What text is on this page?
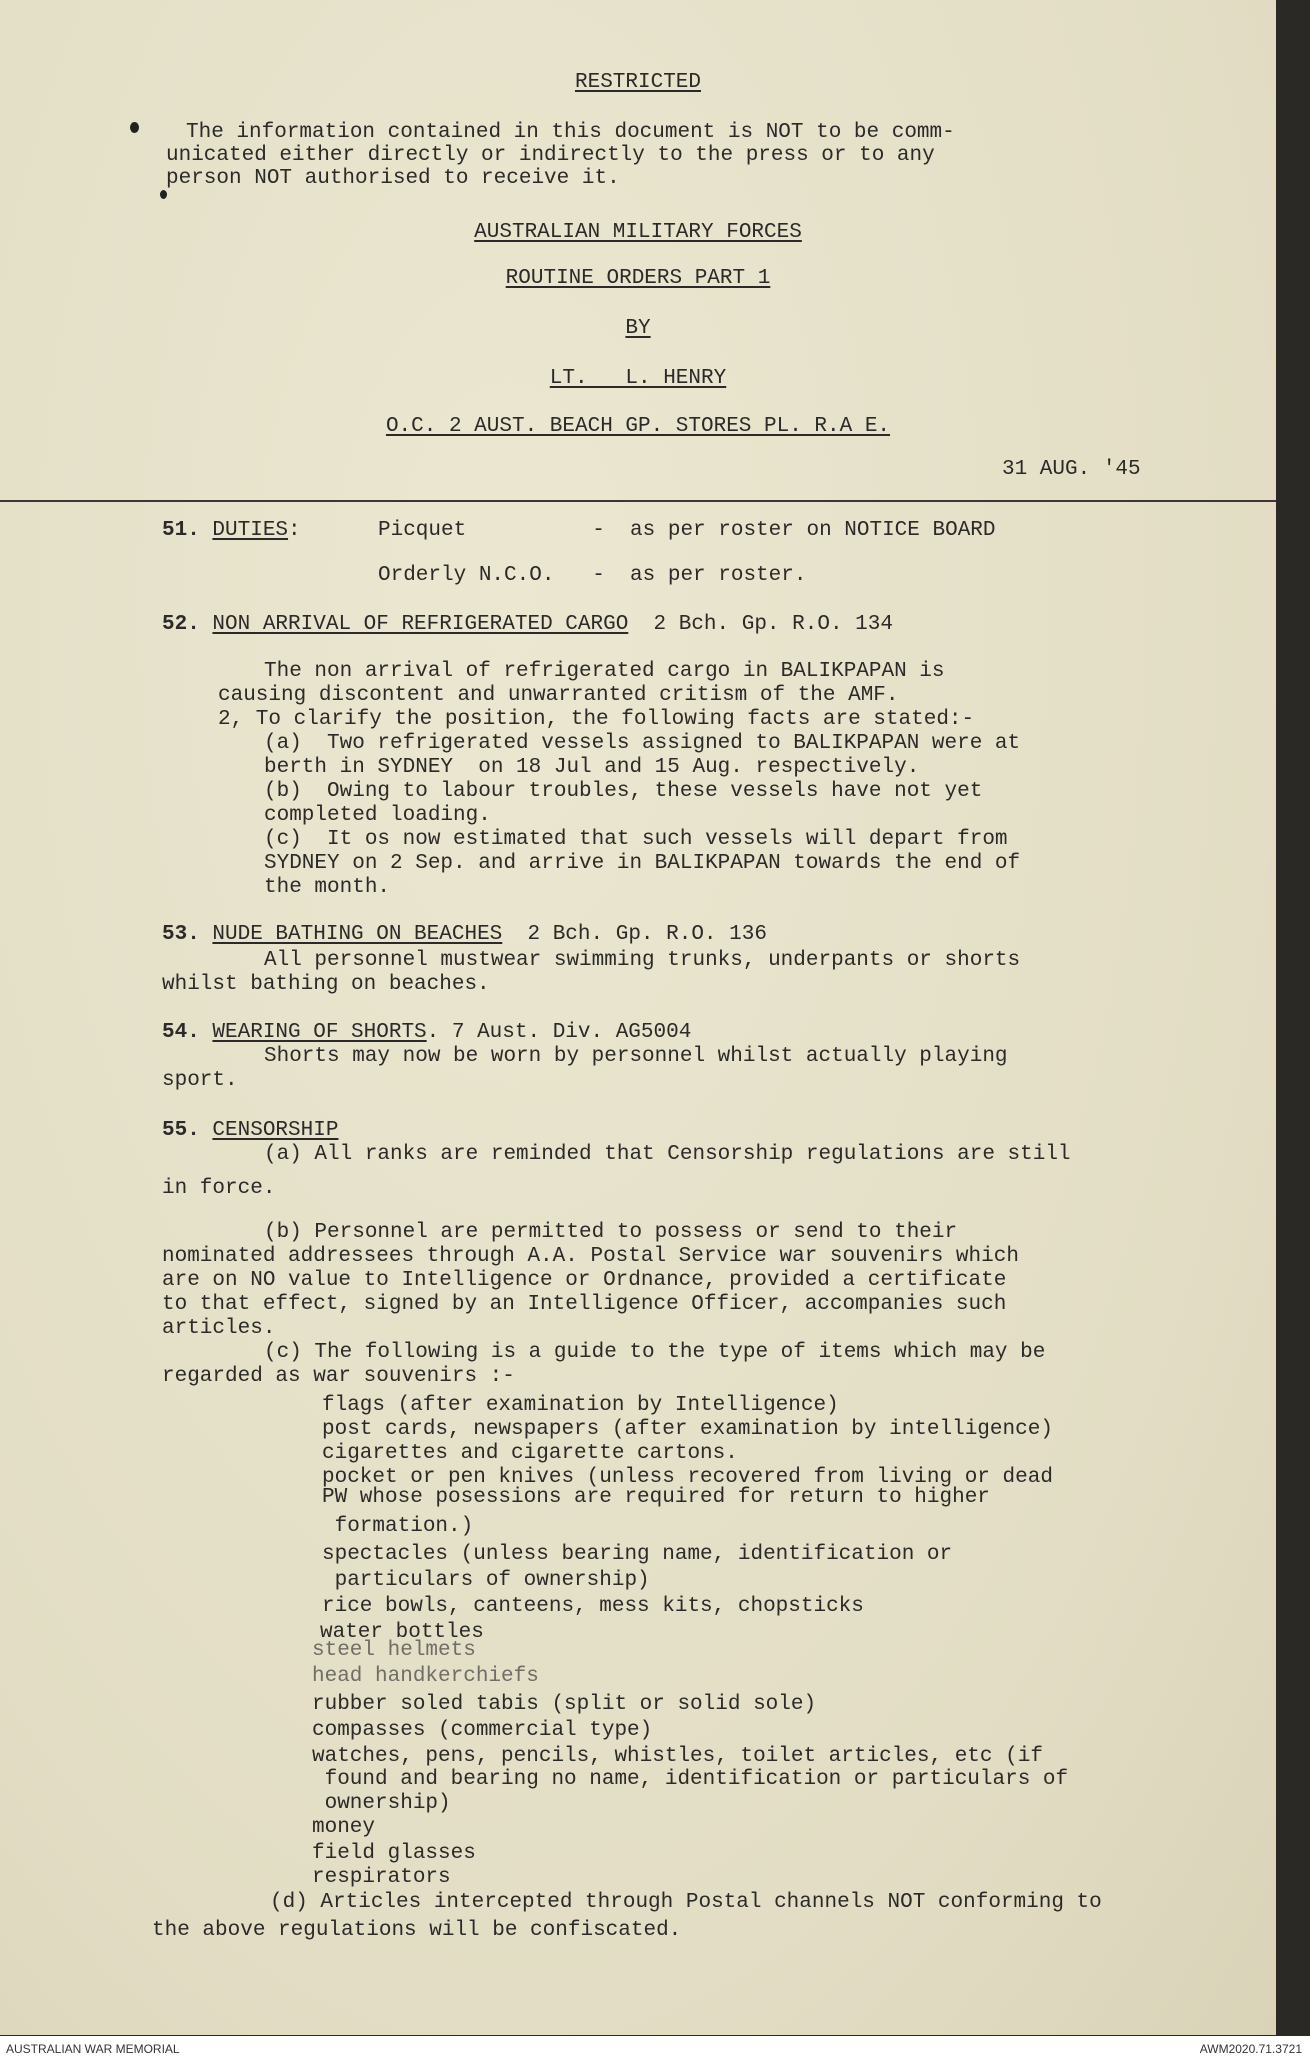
RESTRICTED
The information contained in this document is NOT to be comm-
unicated either directly or indirectly to the press or to any
person NOT authorised to receive it.
AUSTRALIAN MILITARY FORCES
ROUTINE ORDERS PART 1
BY
LT.   L. HENRY
O.C. 2 AUST. BEACH GP. STORES PL. R.A E.
31 AUG. '45
51. DUTIES:	Picquet          -  as per roster on NOTICE BOARD
Orderly N.C.O.   -  as per roster.
52. NON ARRIVAL OF REFRIGERATED CARGO 2 Bch. Gp. R.O. 134
The non arrival of refrigerated cargo in BALIKPAPAN is
causing discontent and unwarranted critism of the AMF.
2, To clarify the position, the following facts are stated:-
(a)  Two refrigerated vessels assigned to BALIKPAPAN were at
berth in SYDNEY  on 18 Jul and 15 Aug. respectively.
(b)  Owing to labour troubles, these vessels have not yet
completed loading.
(c)  It os now estimated that such vessels will depart from
SYDNEY on 2 Sep. and arrive in BALIKPAPAN towards the end of
the month.
53. NUDE BATHING ON BEACHES 2 Bch. Gp. R.O. 136
All personnel mustwear swimming trunks, underpants or shorts
whilst bathing on beaches.
54. WEARING OF SHORTS. 7 Aust. Div. AG5004
Shorts may now be worn by personnel whilst actually playing
sport.
55. CENSORSHIP
(a) All ranks are reminded that Censorship regulations are still
in force.
(b) Personnel are permitted to possess or send to their
nominated addressees through A.A. Postal Service war souvenirs which
are on NO value to Intelligence or Ordnance, provided a certificate
to that effect, signed by an Intelligence Officer, accompanies such
articles.
(c) The following is a guide to the type of items which may be
regarded as war souvenirs :-
flags (after examination by Intelligence)
post cards, newspapers (after examination by intelligence)
cigarettes and cigarette cartons.
pocket or pen knives (unless recovered from living or dead
PW whose posessions are required for return to higher
formation.)
spectacles (unless bearing name, identification or
particulars of ownership)
rice bowls, canteens, mess kits, chopsticks
water bottles
steel helmets
head handkerchiefs
rubber soled tabis (split or solid sole)
compasses (commercial type)
watches, pens, pencils, whistles, toilet articles, etc (if
found and bearing no name, identification or particulars of
ownership)
money
field glasses
respirators
(d) Articles intercepted through Postal channels NOT conforming to
the above regulations will be confiscated.
AUSTRALIAN WAR MEMORIAL	AWM2020.71.3721
